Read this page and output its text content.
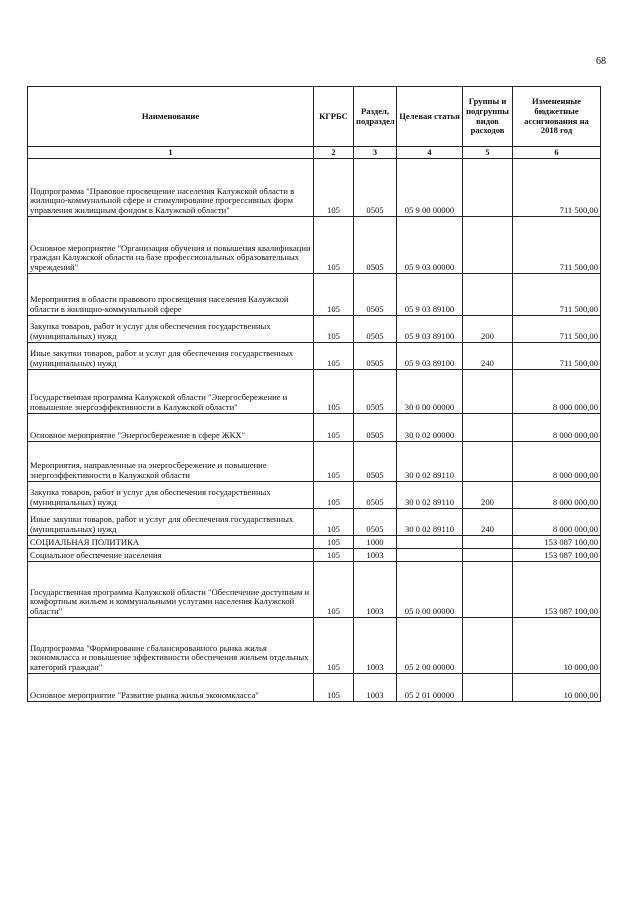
68
Наименование	КГРБС	Раздел, подраздел	Целевая статья	Группы и подгруппы видов расходов	Измененные бюджетные ассигнования на 2018 год
1	2	3	4	5	6
Подпрограмма "Правовое просвещение населения Калужской области в жилищно-коммунальной сфере и стимулирование прогрессивных форм управления жилищным фондом в Калужской области"	105	0505	05 9 00 00000		711 500,00
Основное мероприятие "Организация обучения и повышения квалификации граждан Калужской области на базе профессиональных образовательных учреждений"	105	0505	05 9 03 00000		711 500,00
Мероприятия в области правового просвещения населения Калужской области в жилищно-коммунальной сфере	105	0505	05 9 03 89100		711 500,00
Закупка товаров, работ и услуг для обеспечения государственных (муниципальных) нужд	105	0505	05 9 03 89100	200	711 500,00
Иные закупки товаров, работ и услуг для обеспечения государственных (муниципальных) нужд	105	0505	05 9 03 89100	240	711 500,00
Государственная программа Калужской области "Энергосбережение и повышение энергоэффективности в Калужской области"	105	0505	30 0 00 00000		8 000 000,00
Основное мероприятие "Энергосбережение в сфере ЖКХ"	105	0505	30 0 02 00000		8 000 000,00
Мероприятия, направленные на энергосбережение и повышение энергоэффективности в Калужской области	105	0505	30 0 02 89110		8 000 000,00
Закупка товаров, работ и услуг для обеспечения государственных (муниципальных) нужд	105	0505	30 0 02 89110	200	8 000 000,00
Иные закупки товаров, работ и услуг для обеспечения государственных (муниципальных) нужд	105	0505	30 0 02 89110	240	8 000 000,00
СОЦИАЛЬНАЯ ПОЛИТИКА	105	1000			153 087 100,00
Социальное обеспечение населения	105	1003			153 087 100,00
Государственная программа Калужской области "Обеспечение доступным и комфортным жильем и коммунальными услугами населения Калужской области"	105	1003	05 0 00 00000		153 087 100,00
Подпрограмма "Формирование сбалансированного рынка жилья экономкласса и повышение эффективности обеспечения жильем отдельных категорий граждан"	105	1003	05 2 00 00000		10 000,00
Основное мероприятие "Развитие рынка жилья экономкласса"	105	1003	05 2 01 00000		10 000,00
